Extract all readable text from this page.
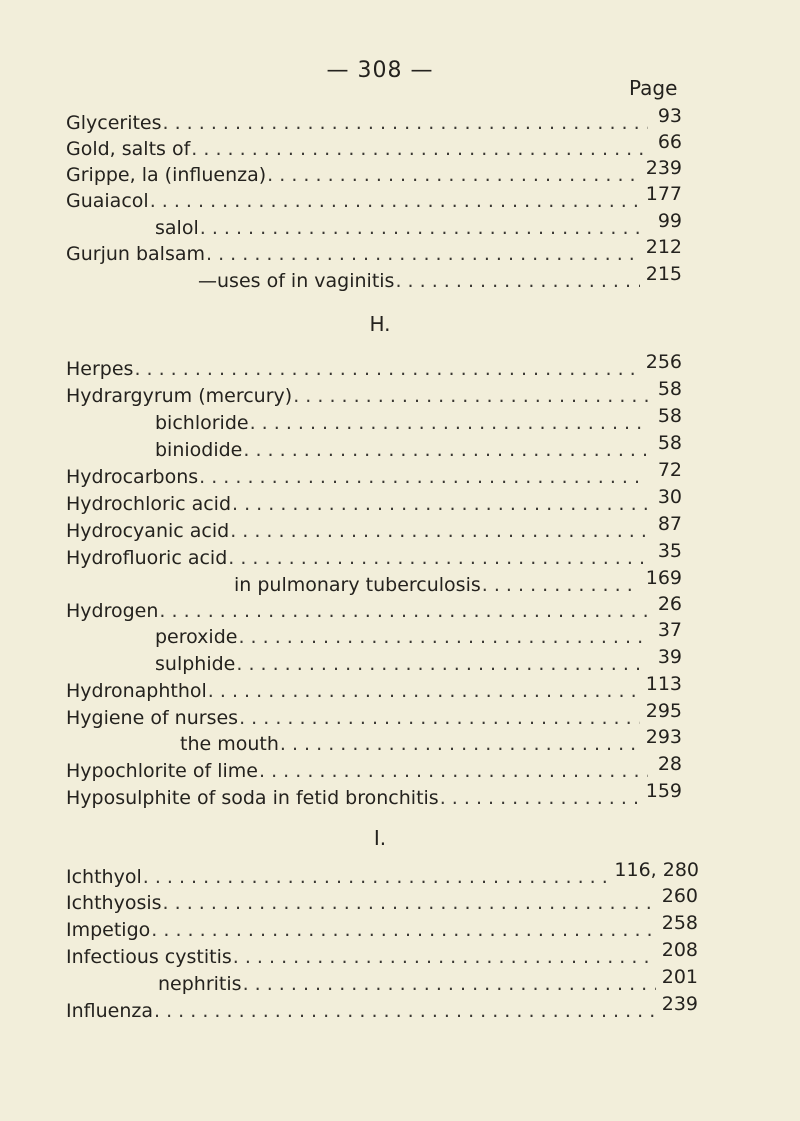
— 308 —
Page
Glycerites . . .	93
Gold, salts of . . .	66
Grippe, la (influenza) . . .	239
Guaiacol . . .	177
salol . . .	99
Gurjun balsam . . .	212
—uses of in vaginitis . . .	215
H.
Herpes . . .	256
Hydrargyrum (mercury) . . .	58
bichloride . . .	58
biniodide . . .	58
Hydrocarbons . . .	72
Hydrochloric acid . . .	30
Hydrocyanic acid . . .	87
Hydrofluoric acid . . .	35
in pulmonary tuberculosis . . .	169
Hydrogen . . .	26
peroxide . . .	37
sulphide . . .	39
Hydronaphthol . . .	113
Hygiene of nurses . . .	295
the mouth . . .	293
Hypochlorite of lime . . .	28
Hyposulphite of soda in fetid bronchitis . . .	159
I.
Ichthyol . . .	116, 280
Ichthyosis . . .	260
Impetigo . . .	258
Infectious cystitis . . .	208
nephritis . . .	201
Influenza . . .	239
